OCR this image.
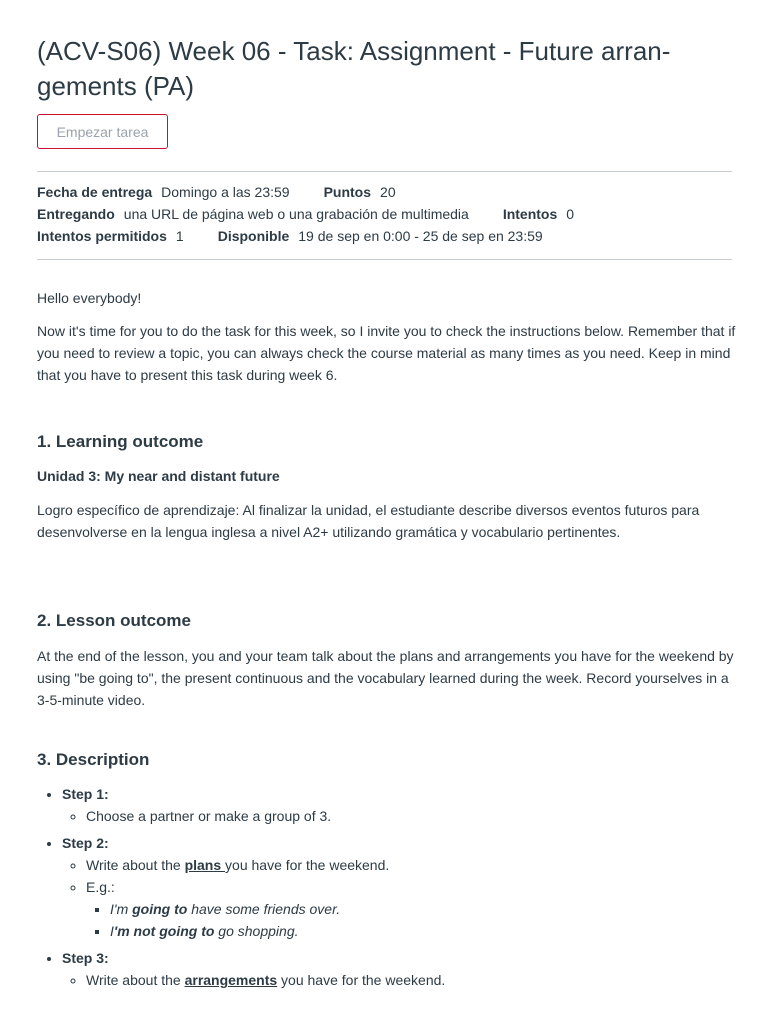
(ACV-S06) Week 06 - Task: Assignment - Future arran-gements (PA)
Empezar tarea
Fecha de entrega Domingo a las 23:59 Puntos 20
Entregando una URL de página web o una grabación de multimedia Intentos 0
Intentos permitidos 1 Disponible 19 de sep en 0:00 - 25 de sep en 23:59

Hello everybody!

Now it's time for you to do the task for this week, so I invite you to check the instructions below. Remember that if you need to review a topic, you can always check the course material as many times as you need. Keep in mind that you have to present this task during week 6.

1. Learning outcome
Unidad 3: My near and distant future

Logro específico de aprendizaje: Al finalizar la unidad, el estudiante describe diversos eventos futuros para desenvolverse en la lengua inglesa a nivel A2+ utilizando gramática y vocabulario pertinentes.

2. Lesson outcome

At the end of the lesson, you and your team talk about the plans and arrangements you have for the weekend by using "be going to", the present continuous and the vocabulary learned during the week. Record yourselves in a 3-5-minute video.

3. Description
• Step 1:
◦ Choose a partner or make a group of 3.
• Step 2:
◦ Write about the plans you have for the weekend.
◦ E.g.:
▪ I'm going to have some friends over.
▪ I'm not going to go shopping.
• Step 3:
◦ Write about the arrangements you have for the weekend.
